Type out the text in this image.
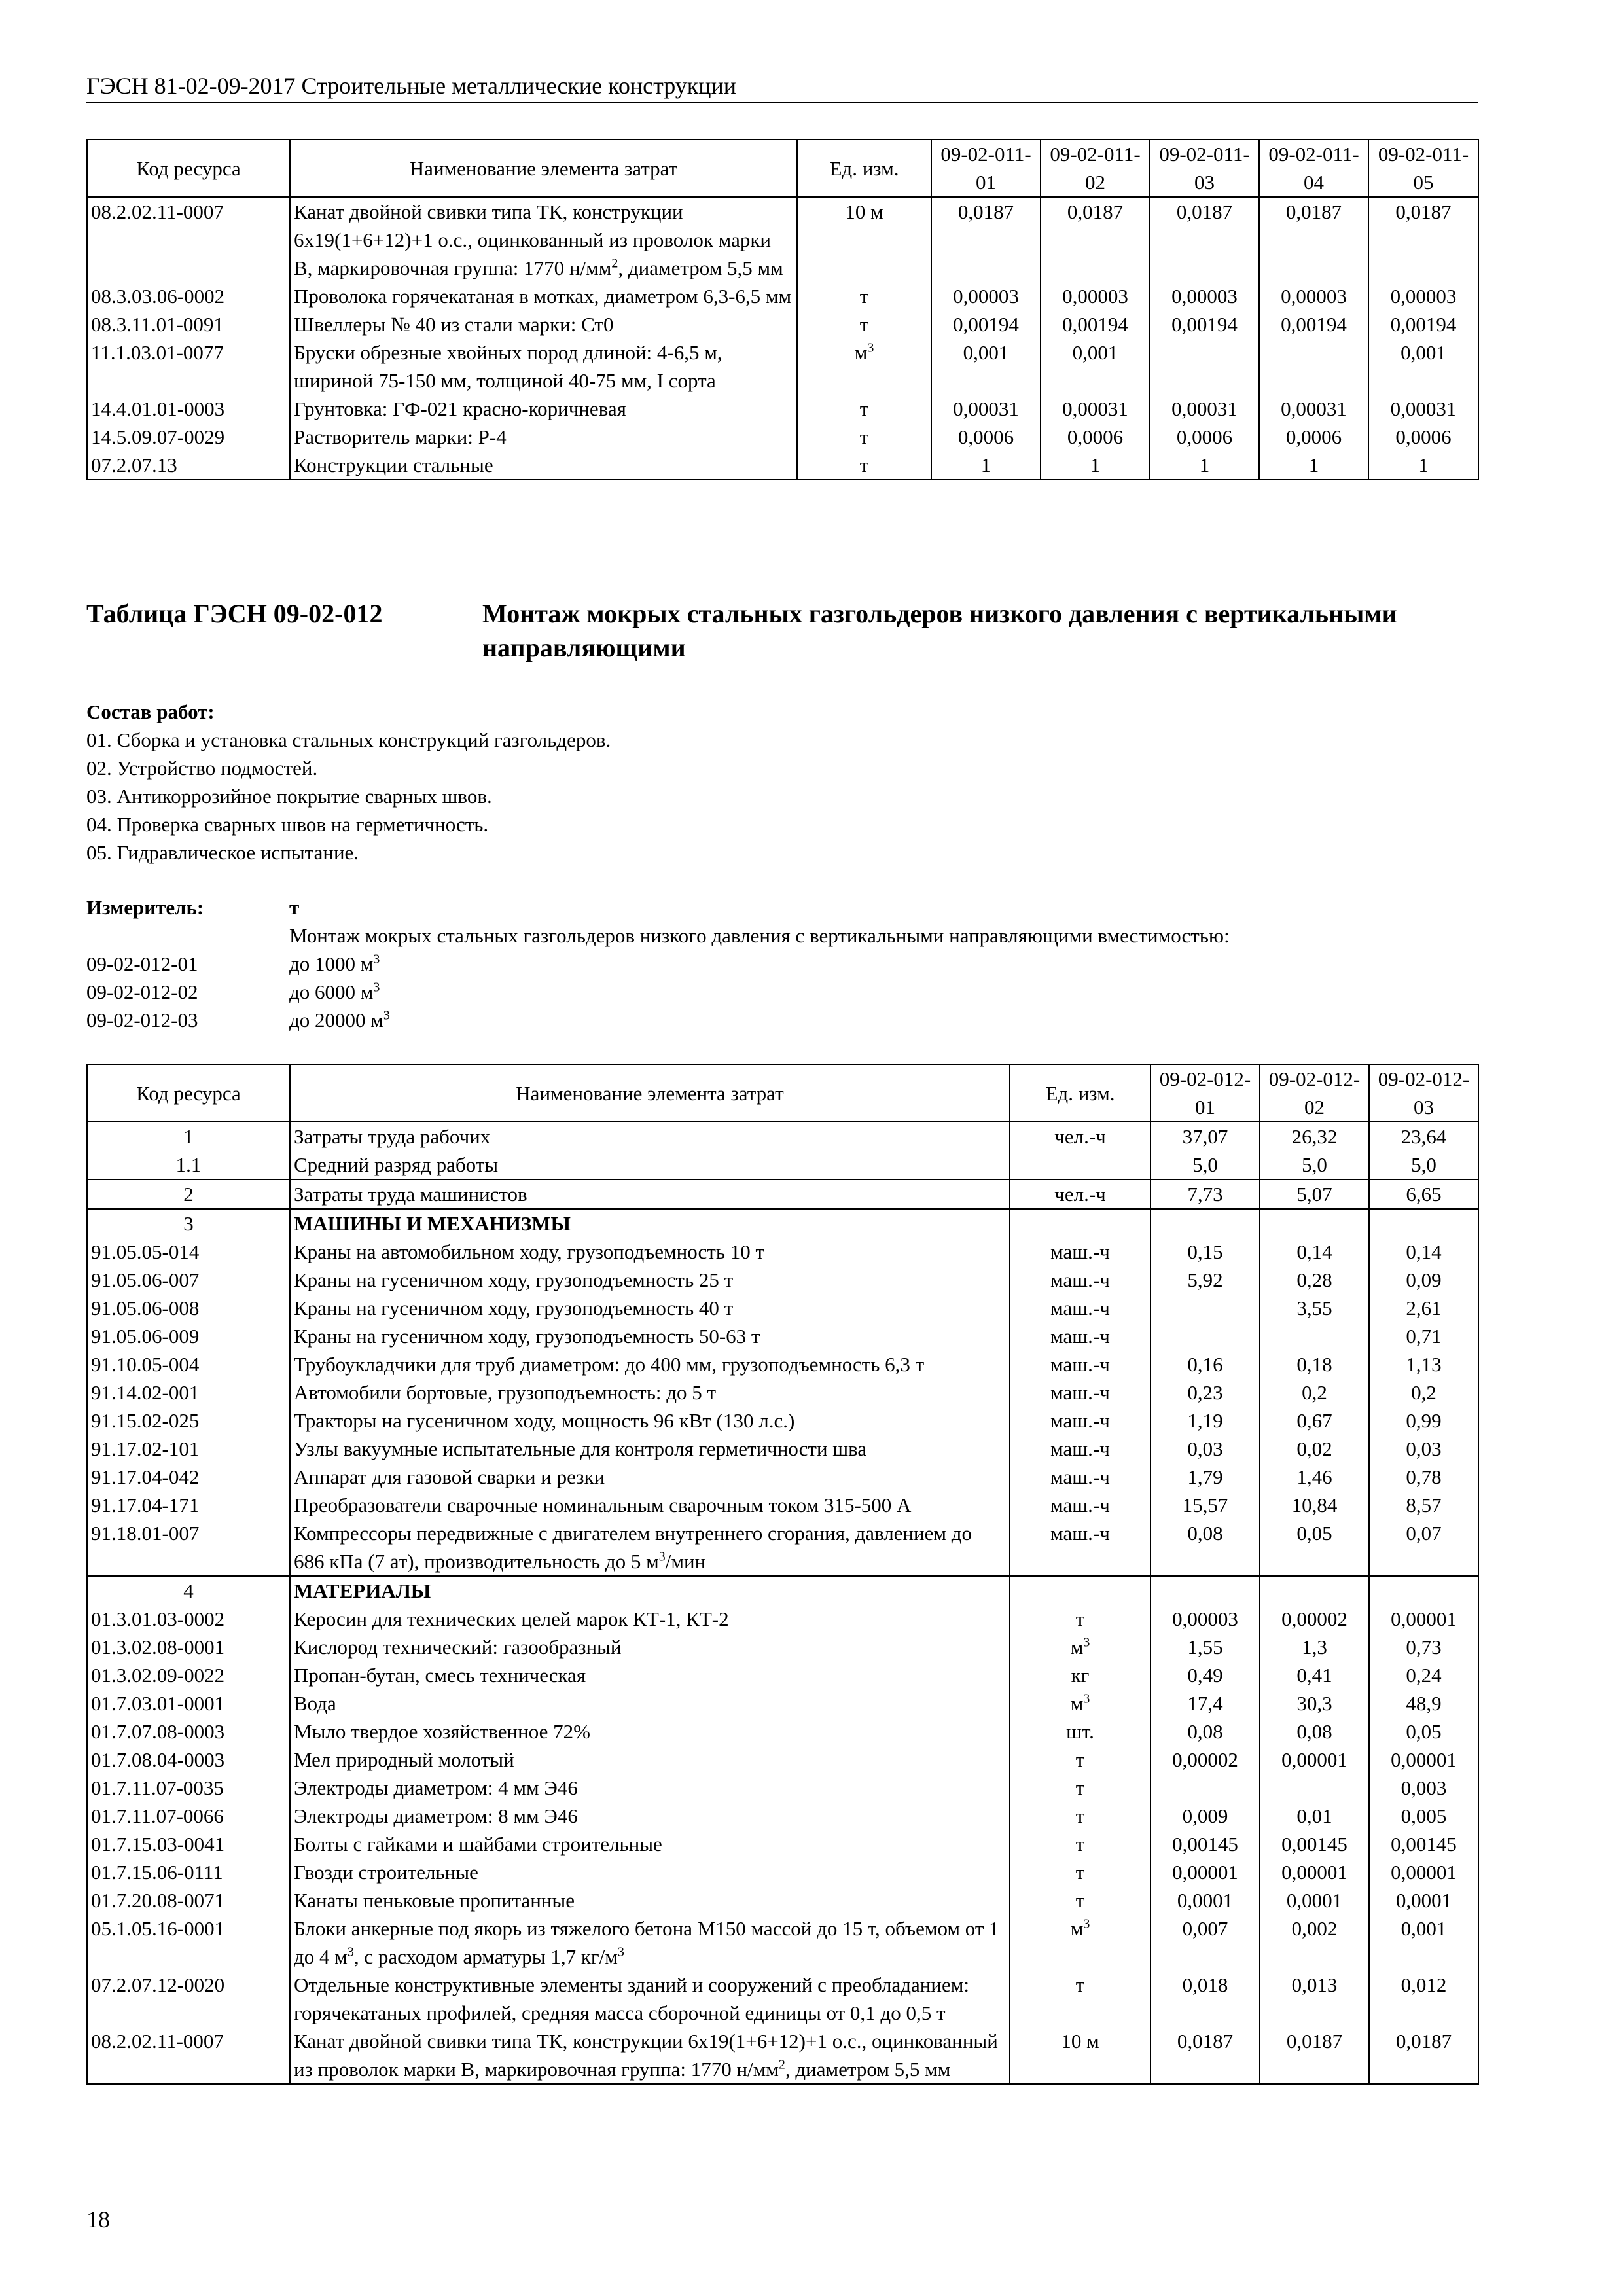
ГЭСН 81-02-09-2017 Строительные металлические конструкции
Код ресурса	Наименование элемента затрат	Ед. изм.	09-02-011-01	09-02-011-02	09-02-011-03	09-02-011-04	09-02-011-05
08.2.02.11-0007	Канат двойной свивки типа ТК, конструкции 6х19(1+6+12)+1 о.с., оцинкованный из проволок марки В, маркировочная группа: 1770 $н/мм^2$, диаметром 5,5 мм	10 м	0,0187	0,0187	0,0187	0,0187	0,0187
08.3.03.06-0002	Проволока горячекатаная в мотках, диаметром 6,3-6,5 мм	т	0,00003	0,00003	0,00003	0,00003	0,00003
08.3.11.01-0091	Швеллеры № 40 из стали марки: Ст0	т	0,00194	0,00194	0,00194	0,00194	0,00194
11.1.03.01-0077	Бруски обрезные хвойных пород длиной: 4-6,5 м, шириной 75-150 мм, толщиной 40-75 мм, I сорта	$м^3$	0,001	0,001			0,001
14.4.01.01-0003	Грунтовка: ГФ-021 красно-коричневая	т	0,00031	0,00031	0,00031	0,00031	0,00031
14.5.09.07-0029	Растворитель марки: Р-4	т	0,0006	0,0006	0,0006	0,0006	0,0006
07.2.07.13	Конструкции стальные	т	1	1	1	1	1
Таблица ГЭСН 09-02-012	Монтаж мокрых стальных газгольдеров низкого давления с вертикальными направляющими
Состав работ:
01. Сборка и установка стальных конструкций газгольдеров.
02. Устройство подмостей.
03. Антикоррозийное покрытие сварных швов.
04. Проверка сварных швов на герметичность.
05. Гидравлическое испытание.
Измеритель:	т
Монтаж мокрых стальных газгольдеров низкого давления с вертикальными направляющими вместимостью:
09-02-012-01	до 1000 $м^3$
09-02-012-02	до 6000 $м^3$
09-02-012-03	до 20000 $м^3$
Код ресурса	Наименование элемента затрат	Ед. изм.	09-02-012-01	09-02-012-02	09-02-012-03
1	Затраты труда рабочих	чел.-ч	37,07	26,32	23,64
1.1	Средний разряд работы		5,0	5,0	5,0
2	Затраты труда машинистов	чел.-ч	7,73	5,07	6,65
3	МАШИНЫ И МЕХАНИЗМЫ				
91.05.05-014	Краны на автомобильном ходу, грузоподъемность 10 т	маш.-ч	0,15	0,14	0,14
91.05.06-007	Краны на гусеничном ходу, грузоподъемность 25 т	маш.-ч	5,92	0,28	0,09
91.05.06-008	Краны на гусеничном ходу, грузоподъемность 40 т	маш.-ч		3,55	2,61
91.05.06-009	Краны на гусеничном ходу, грузоподъемность 50-63 т	маш.-ч			0,71
91.10.05-004	Трубоукладчики для труб диаметром: до 400 мм, грузоподъемность 6,3 т	маш.-ч	0,16	0,18	1,13
91.14.02-001	Автомобили бортовые, грузоподъемность: до 5 т	маш.-ч	0,23	0,2	0,2
91.15.02-025	Тракторы на гусеничном ходу, мощность 96 кВт (130 л.с.)	маш.-ч	1,19	0,67	0,99
91.17.02-101	Узлы вакуумные испытательные для контроля герметичности шва	маш.-ч	0,03	0,02	0,03
91.17.04-042	Аппарат для газовой сварки и резки	маш.-ч	1,79	1,46	0,78
91.17.04-171	Преобразователи сварочные номинальным сварочным током 315-500 А	маш.-ч	15,57	10,84	8,57
91.18.01-007	Компрессоры передвижные с двигателем внутреннего сгорания, давлением до 686 кПа (7 ат), производительность до 5 $м^3$/мин	маш.-ч	0,08	0,05	0,07
4	МАТЕРИАЛЫ				
01.3.01.03-0002	Керосин для технических целей марок КТ-1, КТ-2	т	0,00003	0,00002	0,00001
01.3.02.08-0001	Кислород технический: газообразный	$м^3$	1,55	1,3	0,73
01.3.02.09-0022	Пропан-бутан, смесь техническая	кг	0,49	0,41	0,24
01.7.03.01-0001	Вода	$м^3$	17,4	30,3	48,9
01.7.07.08-0003	Мыло твердое хозяйственное 72%	шт.	0,08	0,08	0,05
01.7.08.04-0003	Мел природный молотый	т	0,00002	0,00001	0,00001
01.7.11.07-0035	Электроды диаметром: 4 мм Э46	т			0,003
01.7.11.07-0066	Электроды диаметром: 8 мм Э46	т	0,009	0,01	0,005
01.7.15.03-0041	Болты с гайками и шайбами строительные	т	0,00145	0,00145	0,00145
01.7.15.06-0111	Гвозди строительные	т	0,00001	0,00001	0,00001
01.7.20.08-0071	Канаты пеньковые пропитанные	т	0,0001	0,0001	0,0001
05.1.05.16-0001	Блоки анкерные под якорь из тяжелого бетона М150 массой до 15 т, объемом от 1 до 4 $м^3$, с расходом арматуры 1,7 $кг/м^3$	$м^3$	0,007	0,002	0,001
07.2.07.12-0020	Отдельные конструктивные элементы зданий и сооружений с преобладанием: горячекатаных профилей, средняя масса сборочной единицы от 0,1 до 0,5 т	т	0,018	0,013	0,012
08.2.02.11-0007	Канат двойной свивки типа ТК, конструкции 6х19(1+6+12)+1 о.с., оцинкованный из проволок марки В, маркировочная группа: 1770 $н/мм^2$, диаметром 5,5 мм	10 м	0,0187	0,0187	0,0187
18
